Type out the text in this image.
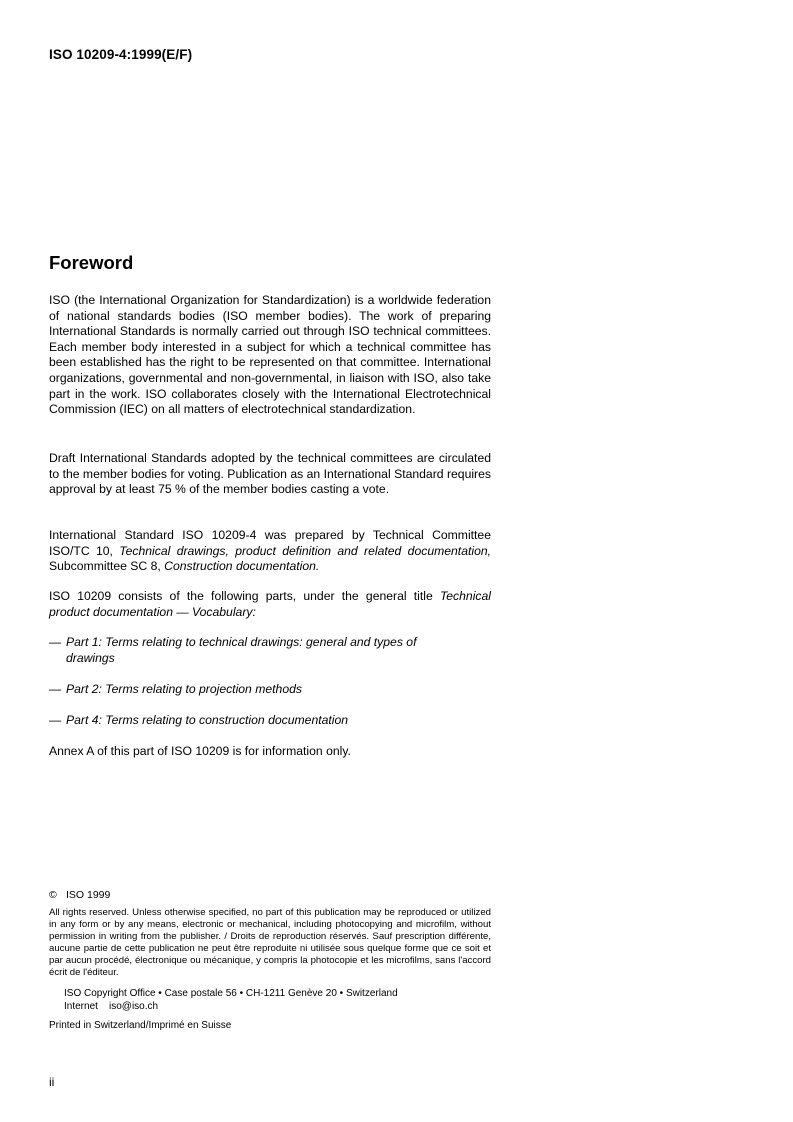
ISO 10209-4:1999(E/F)
Foreword

ISO (the International Organization for Standardization) is a worldwide federation of national standards bodies (ISO member bodies). The work of preparing International Standards is normally carried out through ISO technical committees. Each member body interested in a subject for which a technical committee has been established has the right to be represented on that committee. International organizations, governmental and non-governmental, in liaison with ISO, also take part in the work. ISO collaborates closely with the International Electrotechnical Commission (IEC) on all matters of electrotechnical standardization.

Draft International Standards adopted by the technical committees are circulated to the member bodies for voting. Publication as an International Standard requires approval by at least 75 % of the member bodies casting a vote.

International Standard ISO 10209-4 was prepared by Technical Committee ISO/TC 10, Technical drawings, product definition and related documentation, Subcommittee SC 8, Construction documentation.

ISO 10209 consists of the following parts, under the general title Technical product documentation — Vocabulary:

— Part 1: Terms relating to technical drawings: general and types of
drawings
— Part 2: Terms relating to projection methods
— Part 4: Terms relating to construction documentation

Annex A of this part of ISO 10209 is for information only.

© ISO 1999
All rights reserved. Unless otherwise specified, no part of this publication may be reproduced or utilized in any form or by any means, electronic or mechanical, including photocopying and microfilm, without permission in writing from the publisher. / Droits de reproduction réservés. Sauf prescription différente, aucune partie de cette publication ne peut être reproduite ni utilisée sous quelque forme que ce soit et par aucun procédé, électronique ou mécanique, y compris la photocopie et les microfilms, sans l'accord écrit de l'éditeur.
ISO Copyright Office • Case postale 56 • CH-1211 Genève 20 • Switzerland
Internet    iso@iso.ch
Printed in Switzerland/Imprimé en Suisse
ii
